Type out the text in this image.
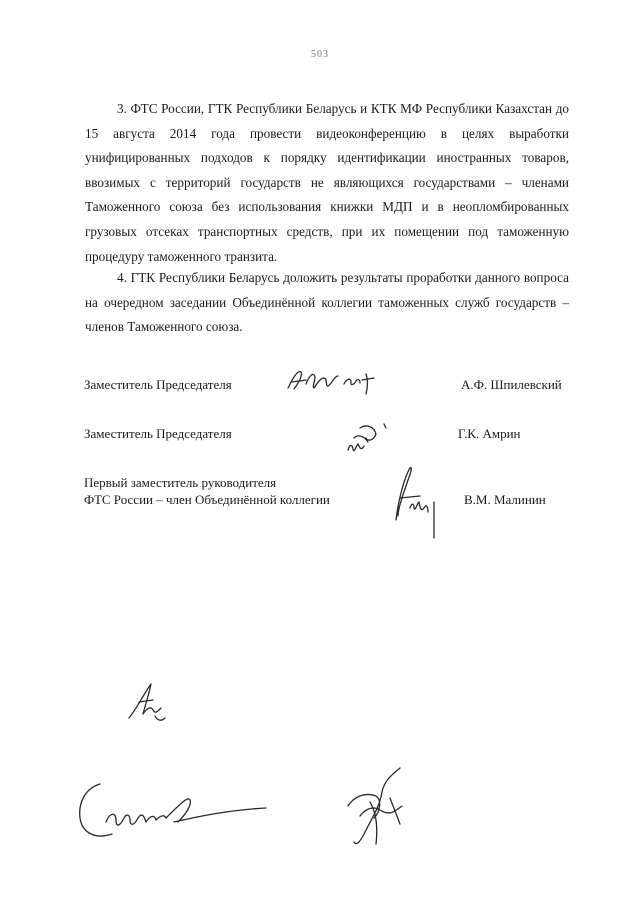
503

3. ФТС России, ГТК Республики Беларусь и КТК МФ Республики Казахстан до 15 августа 2014 года провести видеоконференцию в целях выработки унифицированных подходов к порядку идентификации иностранных товаров, ввозимых с территорий государств не являющихся государствами – членами Таможенного союза без использования книжки МДП и в неопломбированных грузовых отсеках транспортных средств, при их помещении под таможенную процедуру таможенного транзита.

4. ГТК Республики Беларусь доложить результаты проработки данного вопроса на очередном заседании Объединённой коллегии таможенных служб государств – членов Таможенного союза.

Заместитель Председателя	А.Ф. Шпилевский
Заместитель Председателя	Г.К. Амрин
Первый заместитель руководителя
ФТС России – член Объединённой коллегии	В.М. Малинин
